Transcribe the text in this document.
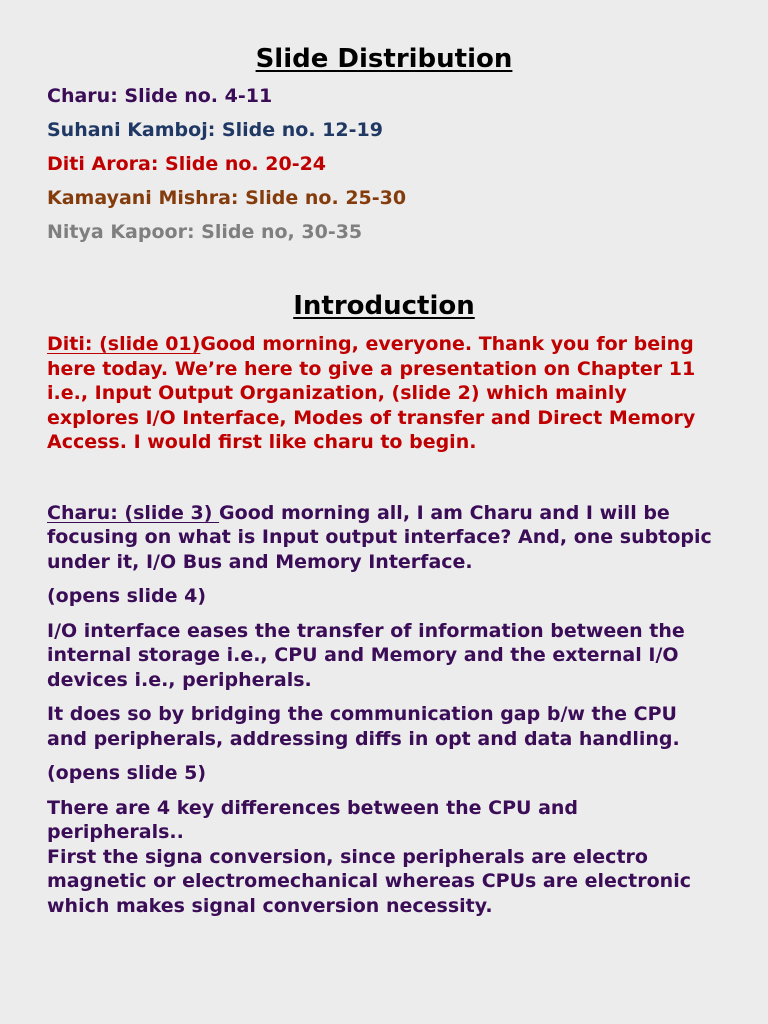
Slide Distribution

Charu: Slide no. 4-11

Suhani Kamboj: Slide no. 12-19

Diti Arora: Slide no. 20-24

Kamayani Mishra: Slide no. 25-30

Nitya Kapoor: Slide no, 30-35

Introduction

Diti: (slide 01)Good morning, everyone. Thank you for being here today. We’re here to give a presentation on Chapter 11 i.e., Input Output Organization, (slide 2) which mainly explores I/O Interface, Modes of transfer and Direct Memory Access. I would first like charu to begin.

Charu: (slide 3) Good morning all, I am Charu and I will be focusing on what is Input output interface? And, one subtopic under it, I/O Bus and Memory Interface.

(opens slide 4)

I/O interface eases the transfer of information between the internal storage i.e., CPU and Memory and the external I/O devices i.e., peripherals.

It does so by bridging the communication gap b/w the CPU and peripherals, addressing diffs in opt and data handling.

(opens slide 5)

There are 4 key differences between the CPU and peripherals..
First the signa conversion, since peripherals are electro magnetic or electromechanical whereas CPUs are electronic which makes signal conversion necessity.
